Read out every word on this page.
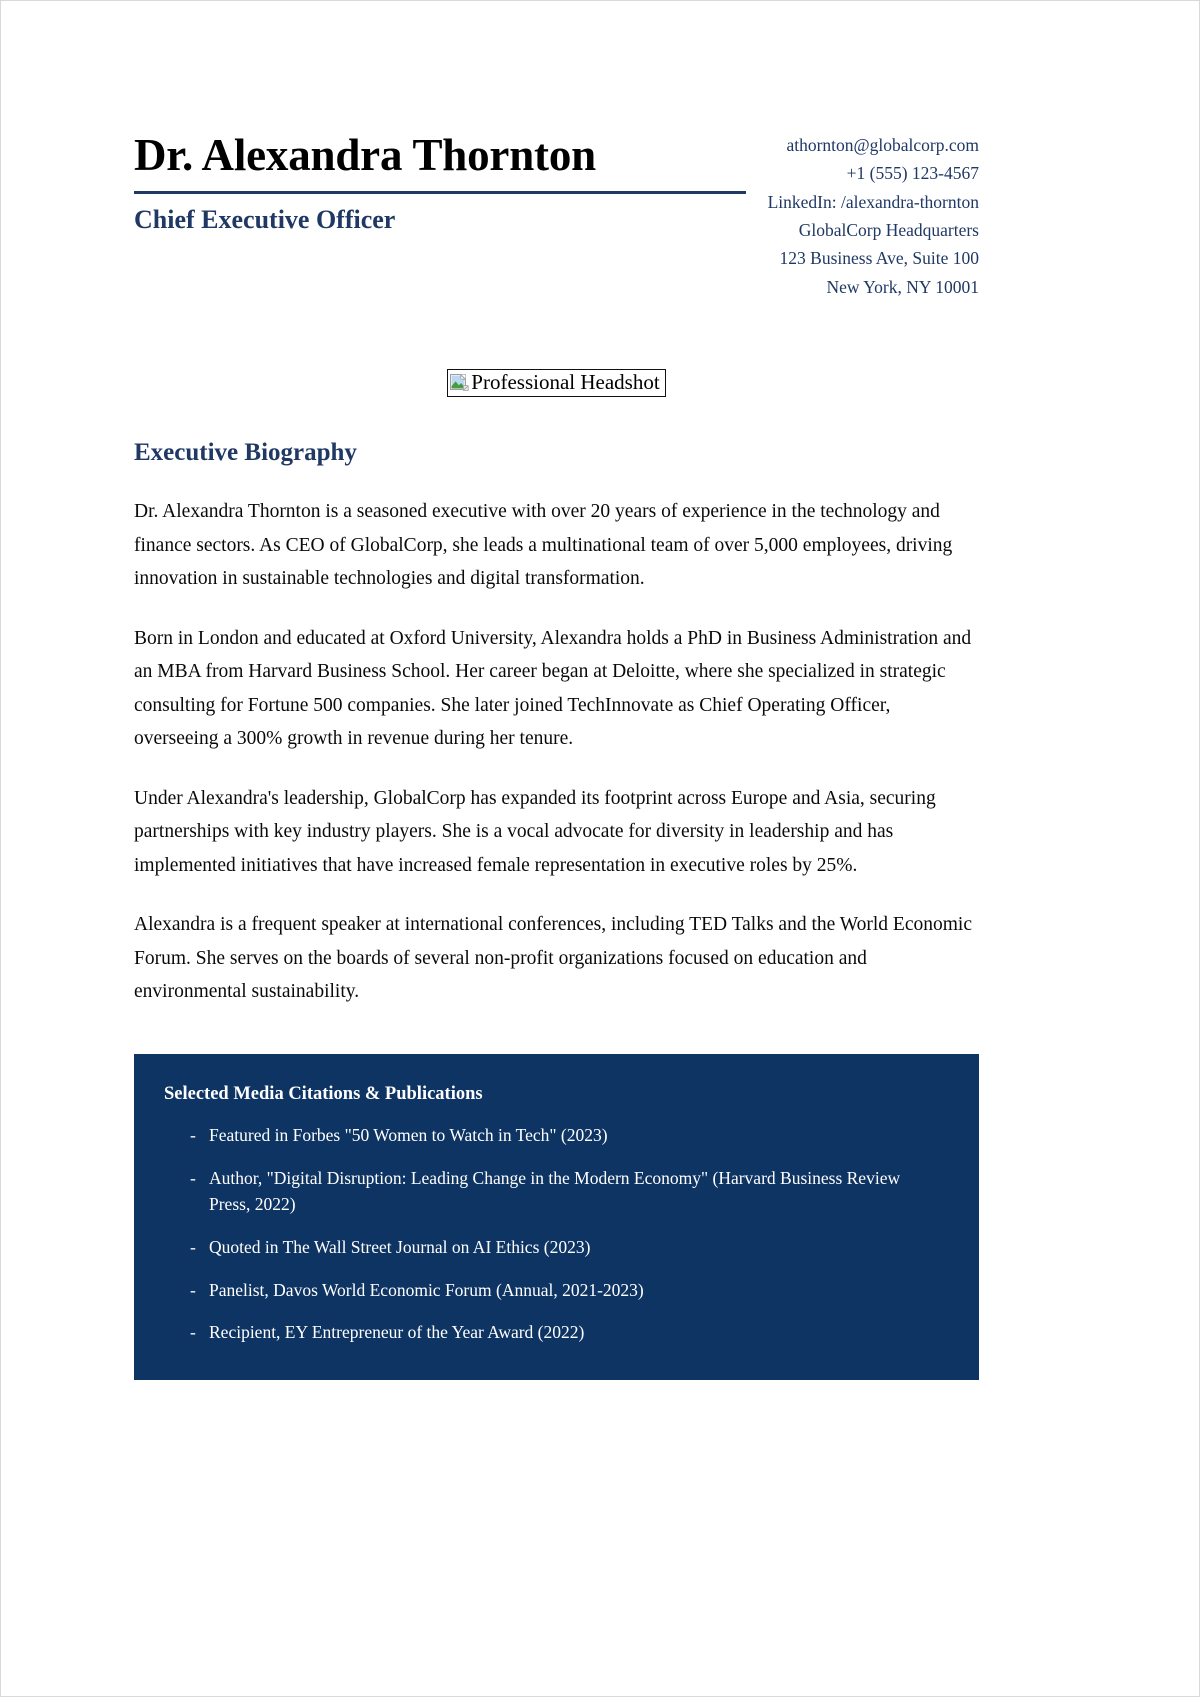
Dr. Alexandra Thornton
Chief Executive Officer
athornton@globalcorp.com
+1 (555) 123-4567
LinkedIn: /alexandra-thornton
GlobalCorp Headquarters
123 Business Ave, Suite 100
New York, NY 10001
Professional Headshot
Executive Biography

Dr. Alexandra Thornton is a seasoned executive with over 20 years of experience in the technology and finance sectors. As CEO of GlobalCorp, she leads a multinational team of over 5,000 employees, driving innovation in sustainable technologies and digital transformation.

Born in London and educated at Oxford University, Alexandra holds a PhD in Business Administration and an MBA from Harvard Business School. Her career began at Deloitte, where she specialized in strategic consulting for Fortune 500 companies. She later joined TechInnovate as Chief Operating Officer, overseeing a 300% growth in revenue during her tenure.

Under Alexandra's leadership, GlobalCorp has expanded its footprint across Europe and Asia, securing partnerships with key industry players. She is a vocal advocate for diversity in leadership and has implemented initiatives that have increased female representation in executive roles by 25%.

Alexandra is a frequent speaker at international conferences, including TED Talks and the World Economic Forum. She serves on the boards of several non-profit organizations focused on education and environmental sustainability.

Selected Media Citations & Publications
- Featured in Forbes "50 Women to Watch in Tech" (2023)
- Author, "Digital Disruption: Leading Change in the Modern Economy" (Harvard Business Review Press, 2022)
- Quoted in The Wall Street Journal on AI Ethics (2023)
- Panelist, Davos World Economic Forum (Annual, 2021-2023)
- Recipient, EY Entrepreneur of the Year Award (2022)
